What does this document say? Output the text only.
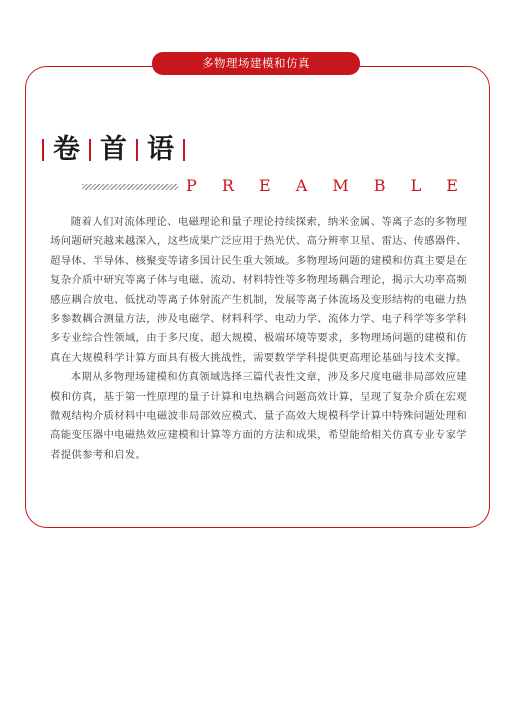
多物理场建模和仿真
卷 首 语
P R E A M B L E

随着人们对流体理论、电磁理论和量子理论持续探索，纳米金属、等离子态的多物理场问题研究越来越深入，这些成果广泛应用于热光伏、高分辨率卫星、雷达、传感器件、超导体、半导体、核聚变等诸多国计民生重大领域。多物理场问题的建模和仿真主要是在复杂介质中研究等离子体与电磁、流动、材料特性等多物理场耦合理论，揭示大功率高频感应耦合放电、低扰动等离子体射流产生机制，发展等离子体流场及变形结构的电磁力热多参数耦合测量方法，涉及电磁学、材料科学、电动力学、流体力学、电子科学等多学科多专业综合性领域，由于多尺度、超大规模、极端环境等要求，多物理场问题的建模和仿真在大规模科学计算方面具有极大挑战性，需要数学学科提供更高理论基础与技术支撑。

本期从多物理场建模和仿真领域选择三篇代表性文章，涉及多尺度电磁非局部效应建模和仿真，基于第一性原理的量子计算和电热耦合问题高效计算，呈现了复杂介质在宏观微观结构介质材料中电磁波非局部效应模式、量子高效大规模科学计算中特殊问题处理和高能变压器中电磁热效应建模和计算等方面的方法和成果，希望能给相关仿真专业专家学者提供参考和启发。
